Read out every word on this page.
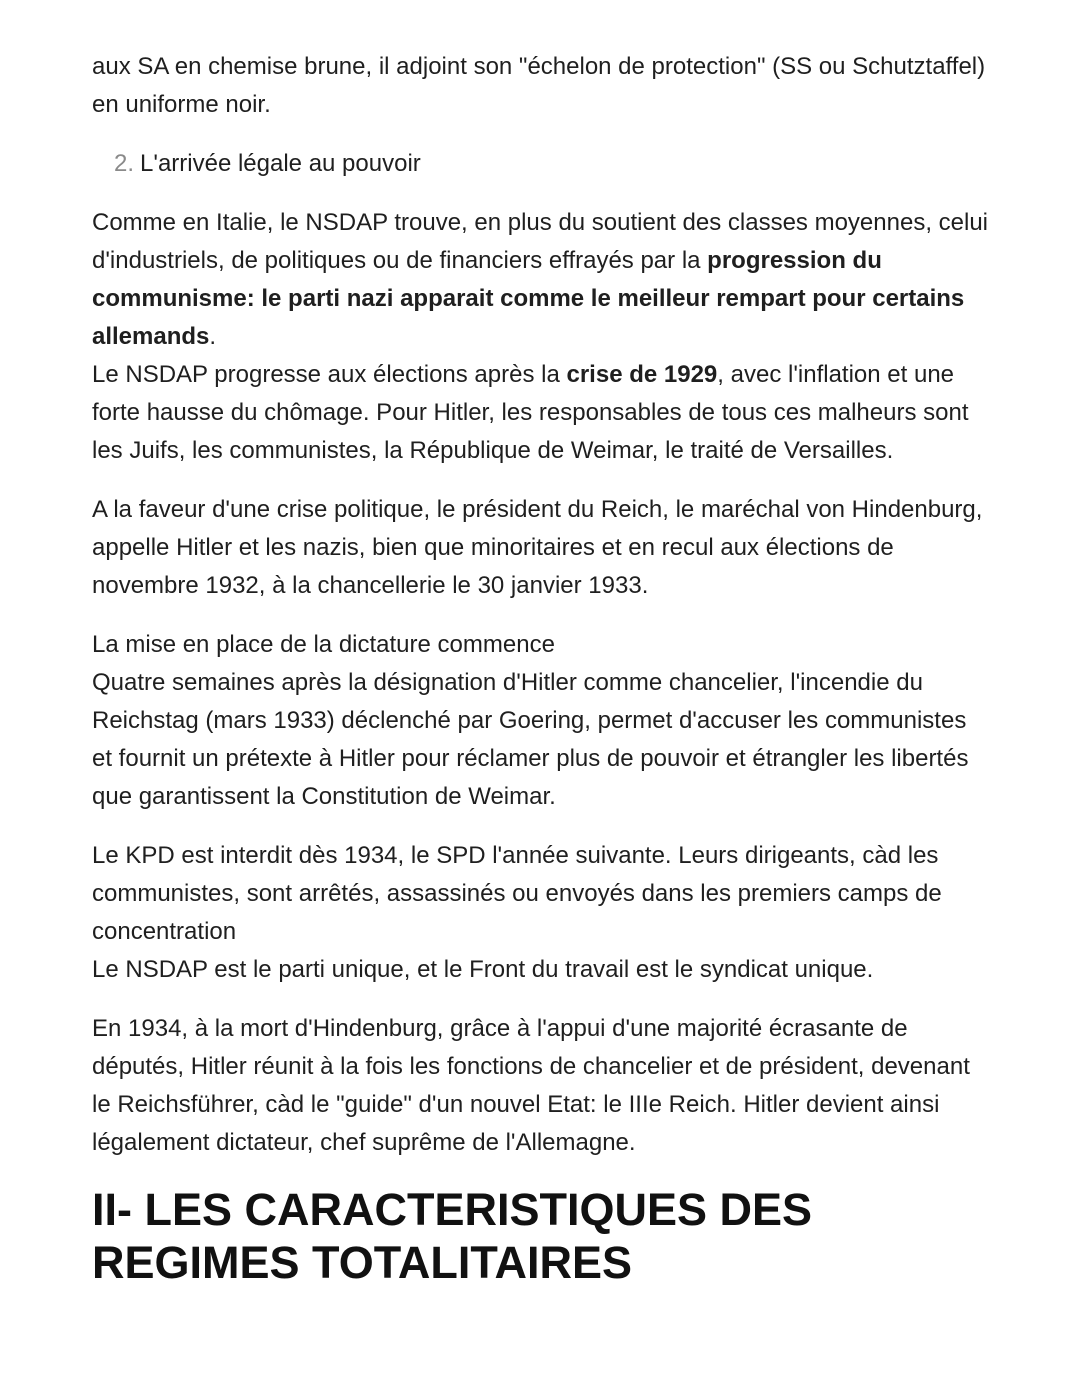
aux SA en chemise brune, il adjoint son "échelon de protection" (SS ou Schutztaffel) en uniforme noir.

2. L'arrivée légale au pouvoir

Comme en Italie, le NSDAP trouve, en plus du soutient des classes moyennes, celui d'industriels, de politiques ou de financiers effrayés par la progression du communisme: le parti nazi apparait comme le meilleur rempart pour certains allemands.

Le NSDAP progresse aux élections après la crise de 1929, avec l'inflation et une forte hausse du chômage. Pour Hitler, les responsables de tous ces malheurs sont les Juifs, les communistes, la République de Weimar, le traité de Versailles.

A la faveur d'une crise politique, le président du Reich, le maréchal von Hindenburg, appelle Hitler et les nazis, bien que minoritaires et en recul aux élections de novembre 1932, à la chancellerie le 30 janvier 1933.

La mise en place de la dictature commence

Quatre semaines après la désignation d'Hitler comme chancelier, l'incendie du Reichstag (mars 1933) déclenché par Goering, permet d'accuser les communistes et fournit un prétexte à Hitler pour réclamer plus de pouvoir et étrangler les libertés que garantissent la Constitution de Weimar.

Le KPD est interdit dès 1934, le SPD l'année suivante. Leurs dirigeants, càd les communistes, sont arrêtés, assassinés ou envoyés dans les premiers camps de concentration

Le NSDAP est le parti unique, et le Front du travail est le syndicat unique.

En 1934, à la mort d'Hindenburg, grâce à l'appui d'une majorité écrasante de députés, Hitler réunit à la fois les fonctions de chancelier et de président, devenant le Reichsführer, càd le "guide" d'un nouvel Etat: le IIIe Reich. Hitler devient ainsi légalement dictateur, chef suprême de l'Allemagne.

II- LES CARACTERISTIQUES DES REGIMES TOTALITAIRES
